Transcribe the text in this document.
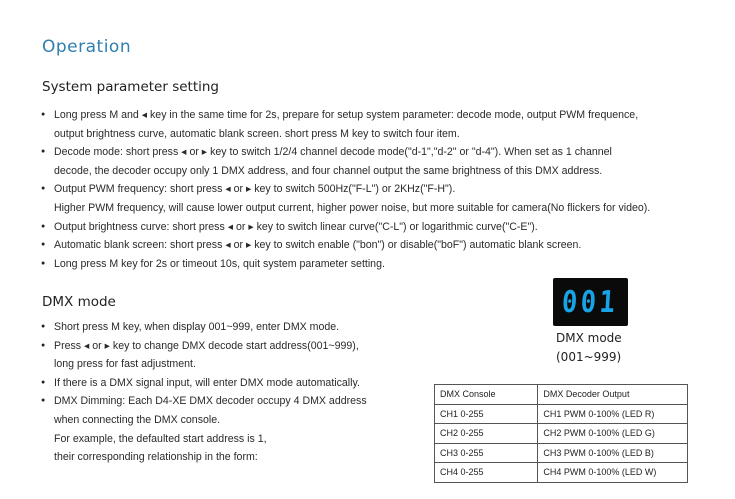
Operation
System parameter setting
● Long press M and ◂ key in the same time for 2s, prepare for setup system parameter: decode mode, output PWM frequence,
output brightness curve, automatic blank screen. short press M key to switch four item.
● Decode mode: short press ◂ or ▸ key to switch 1/2/4 channel decode mode("d-1","d-2" or "d-4"). When set as 1 channel
decode, the decoder occupy only 1 DMX address, and four channel output the same brightness of this DMX address.
● Output PWM frequency: short press ◂ or ▸ key to switch 500Hz("F-L") or 2KHz("F-H").
Higher PWM frequency, will cause lower output current, higher power noise, but more suitable for camera(No flickers for video).
● Output brightness curve: short press ◂ or ▸ key to switch linear curve("C-L") or logarithmic curve("C-E").
● Automatic blank screen: short press ◂ or ▸ key to switch enable ("bon") or disable("boF") automatic blank screen.
● Long press M key for 2s or timeout 10s, quit system parameter setting.
DMX mode
● Short press M key, when display 001~999, enter DMX mode.
● Press ◂ or ▸ key to change DMX decode start address(001~999),
long press for fast adjustment.
● If there is a DMX signal input, will enter DMX mode automatically.
● DMX Dimming: Each D4-XE DMX decoder occupy 4 DMX address
when connecting the DMX console.
For example, the defaulted start address is 1,
their corresponding relationship in the form:
001
DMX mode
(001~999)
DMX Console	DMX Decoder Output
CH1 0-255	CH1 PWM 0-100% (LED R)
CH2 0-255	CH2 PWM 0-100% (LED G)
CH3 0-255	CH3 PWM 0-100% (LED B)
CH4 0-255	CH4 PWM 0-100% (LED W)
